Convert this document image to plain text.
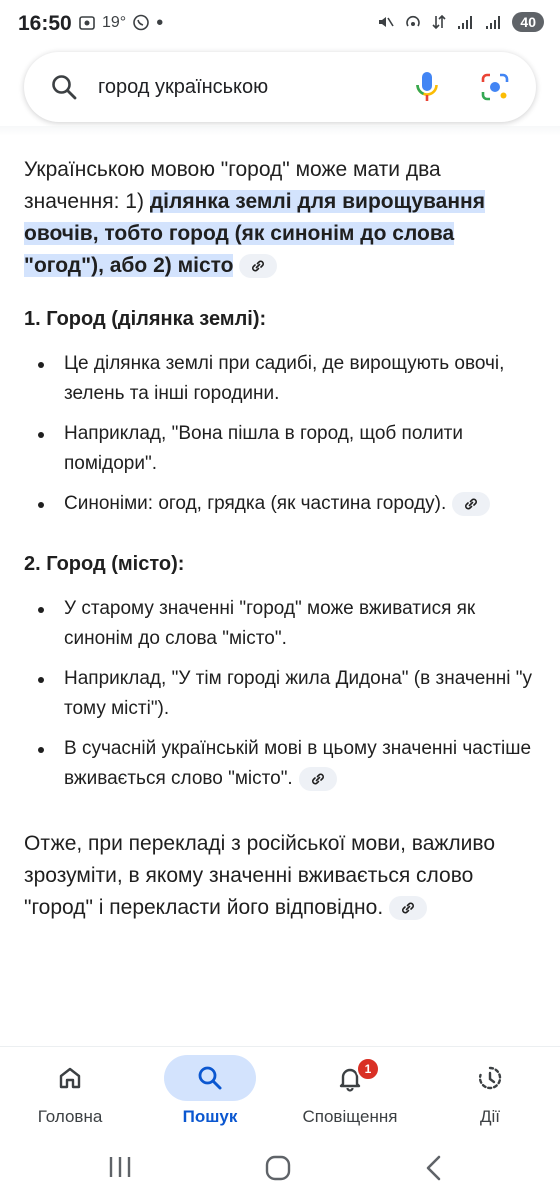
16:50 19° •	40
город українською

Українською мовою "город" може мати два значення: 1) ділянка землі для вирощування овочів, тобто город (як синонім до слова "огод"), або 2) місто

1. Город (ділянка землі):

Це ділянка землі при садибі, де вирощують овочі, зелень та інші городини.
Наприклад, "Вона пішла в город, щоб полити помідори".
Синоніми: огод, грядка (як частина городу).

2. Город (місто):

У старому значенні "город" може вживатися як синонім до слова "місто".
Наприклад, "У тім городі жила Дидона" (в значенні "у тому місті").
В сучасній українській мові в цьому значенні частіше вживається слово "місто".

Отже, при перекладі з російської мови, важливо зрозуміти, в якому значенні вживається слово "город" і перекласти його відповідно.

Головна	Пошук
1
Сповіщення	Дії
